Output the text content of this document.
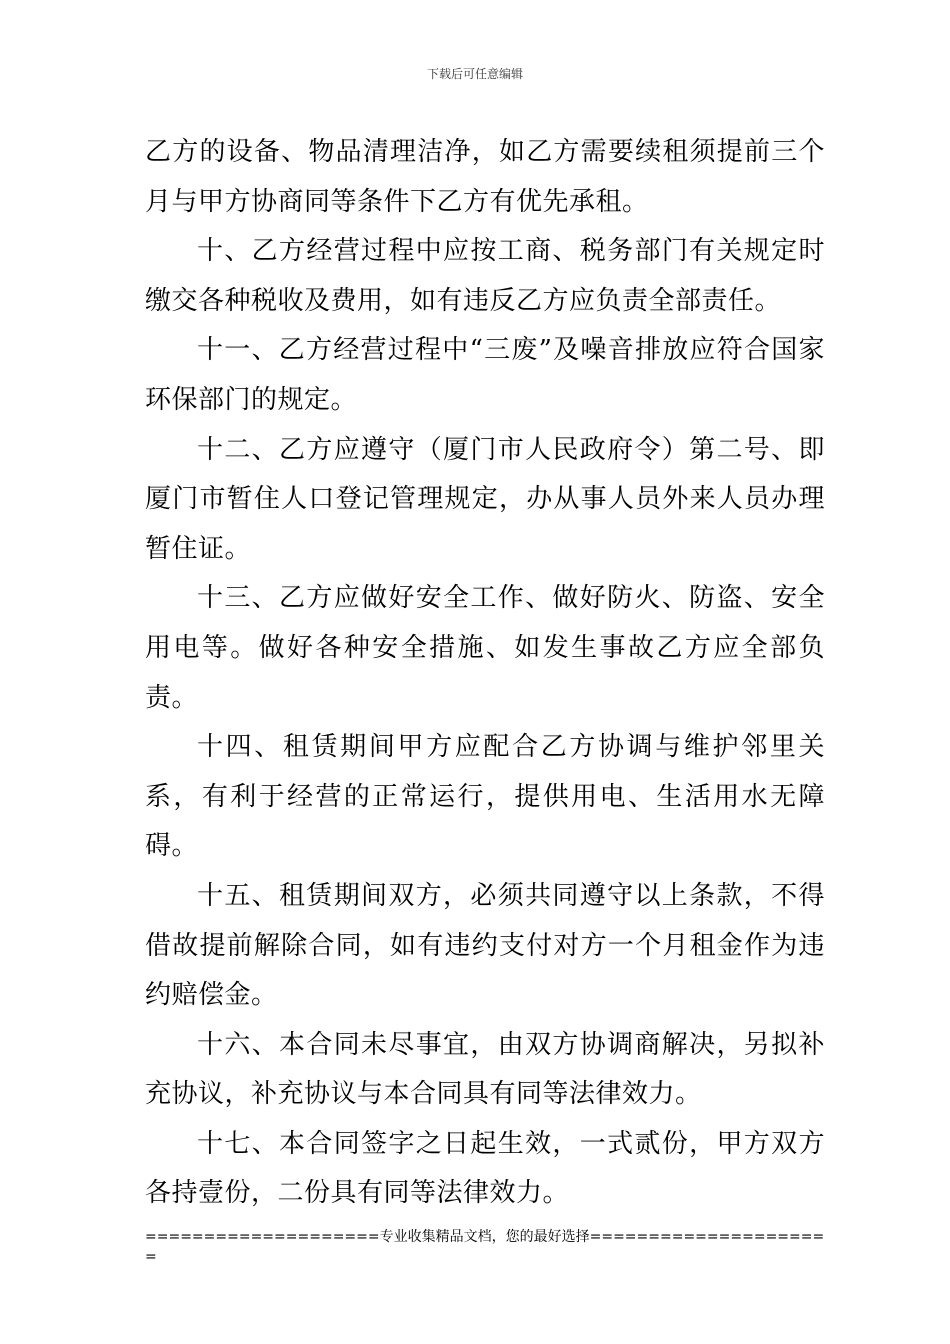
下载后可任意编辑

乙方的设备、物品清理洁净，如乙方需要续租须提前三个月与甲方协商同等条件下乙方有优先承租。

十、乙方经营过程中应按工商、税务部门有关规定时缴交各种税收及费用，如有违反乙方应负责全部责任。

十一、乙方经营过程中“三废”及噪音排放应符合国家环保部门的规定。

十二、乙方应遵守（厦门市人民政府令）第二号、即厦门市暂住人口登记管理规定，办从事人员外来人员办理暂住证。

十三、乙方应做好安全工作、做好防火、防盗、安全用电等。做好各种安全措施、如发生事故乙方应全部负责。

十四、租赁期间甲方应配合乙方协调与维护邻里关系，有利于经营的正常运行，提供用电、生活用水无障碍。

十五、租赁期间双方，必须共同遵守以上条款，不得借故提前解除合同，如有违约支付对方一个月租金作为违约赔偿金。

十六、本合同未尽事宜，由双方协调商解决，另拟补充协议，补充协议与本合同具有同等法律效力。

十七、本合同签字之日起生效，一式贰份，甲方双方各持壹份，二份具有同等法律效力。

====================专业收集精品文档，您的最好选择=====================
